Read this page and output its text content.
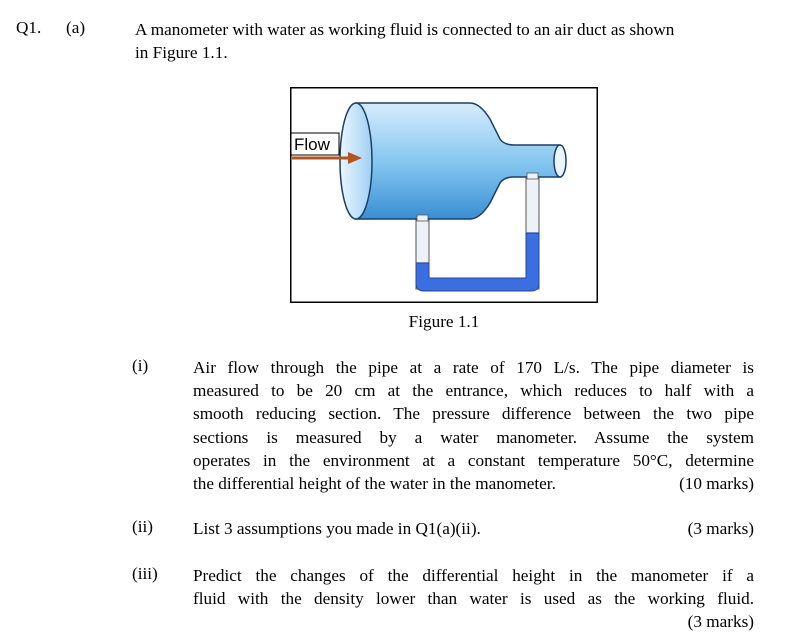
Q1. (a)	A manometer with water as working fluid is connected to an air duct as shown
in Figure 1.1.
Flow
Figure 1.1
(i)	Air flow through the pipe at a rate of 170 L/s. The pipe diameter is
measured to be 20 cm at the entrance, which reduces to half with a
smooth reducing section. The pressure difference between the two pipe
sections is measured by a water manometer. Assume the system
operates in the environment at a constant temperature 50°C, determine
the differential height of the water in the manometer.	(10 marks)
(ii) List 3 assumptions you made in Q1(a)(ii).	(3 marks)
(iii) Predict the changes of the differential height in the manometer if a
fluid with the density lower than water is used as the working fluid.
(3 marks)
